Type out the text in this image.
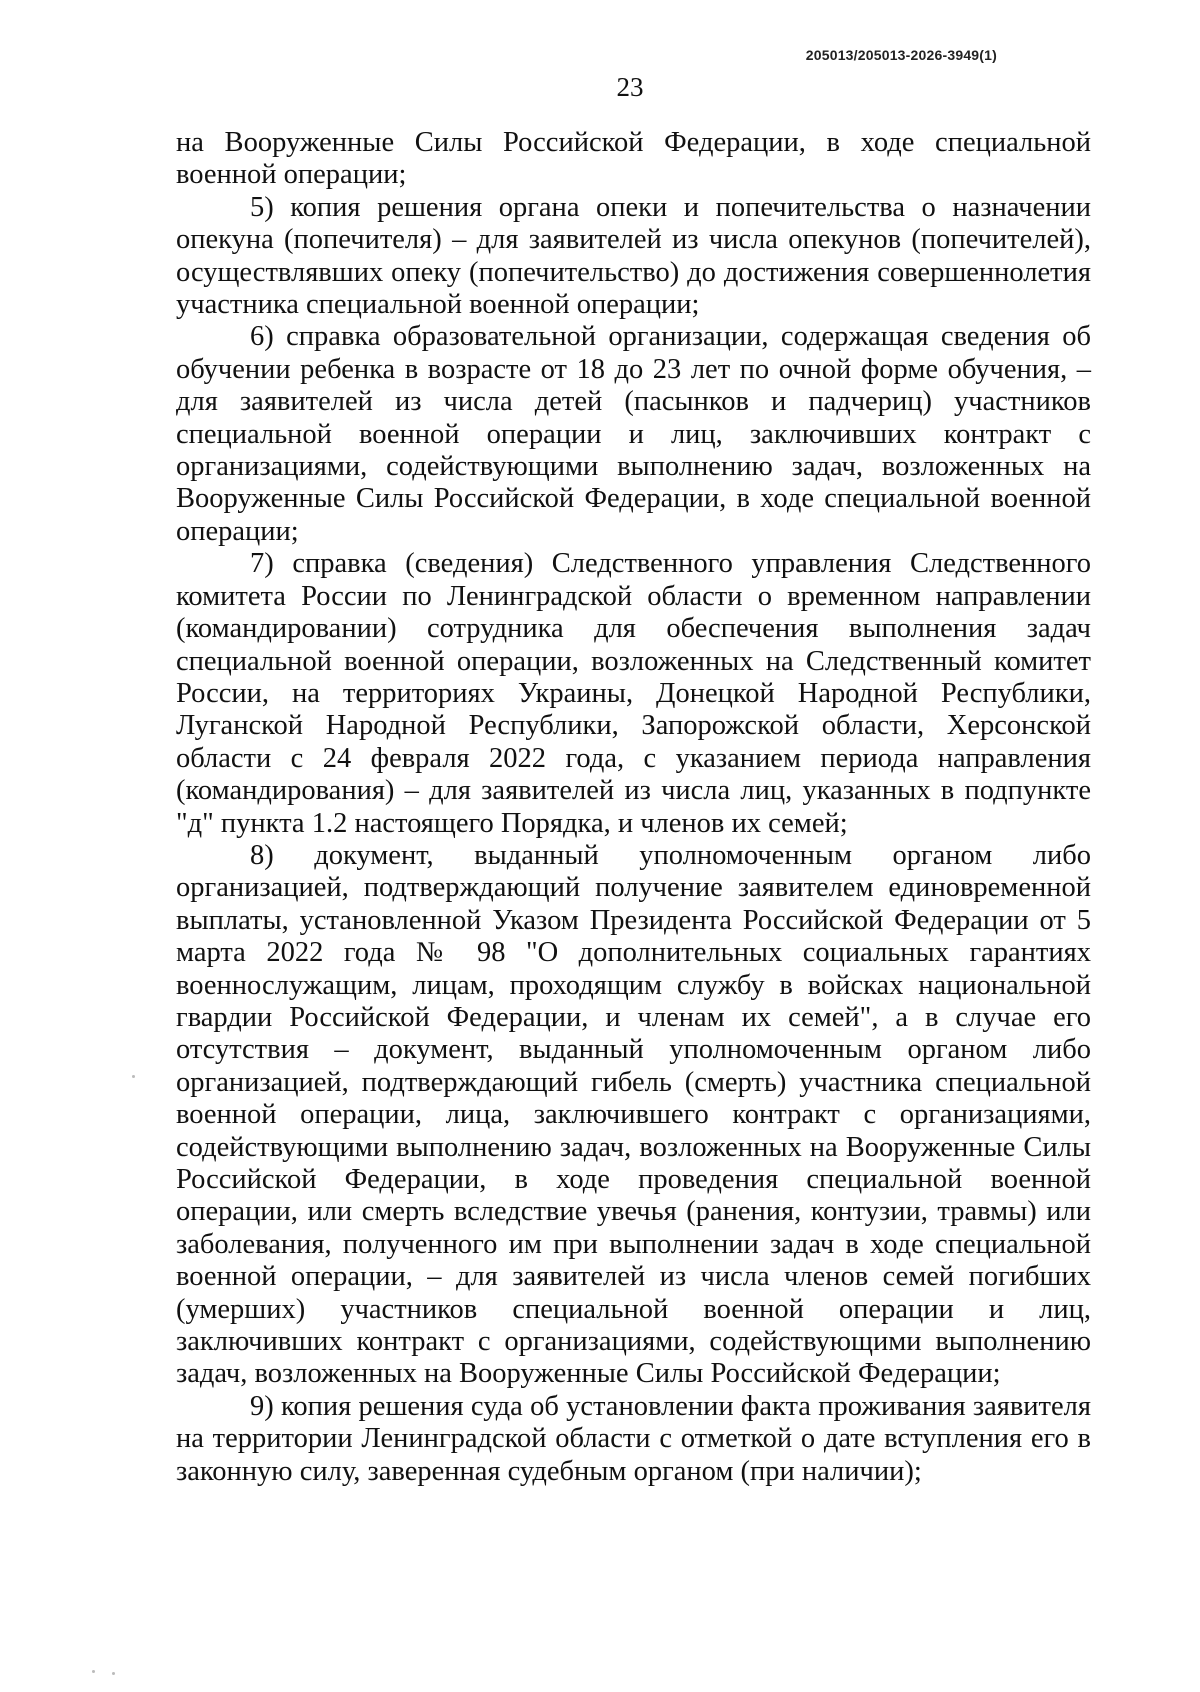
205013/205013-2026-3949(1)
23

на Вооруженные Силы Российской Федерации, в ходе специальной военной операции;

5) копия решения органа опеки и попечительства о назначении опекуна (попечителя) – для заявителей из числа опекунов (попечителей), осуществлявших опеку (попечительство) до достижения совершеннолетия участника специальной военной операции;

6) справка образовательной организации, содержащая сведения об обучении ребенка в возрасте от 18 до 23 лет по очной форме обучения, – для заявителей из числа детей (пасынков и падчериц) участников специальной военной операции и лиц, заключивших контракт с организациями, содействующими выполнению задач, возложенных на Вооруженные Силы Российской Федерации, в ходе специальной военной операции;

7) справка (сведения) Следственного управления Следственного комитета России по Ленинградской области о временном направлении (командировании) сотрудника для обеспечения выполнения задач специальной военной операции, возложенных на Следственный комитет России, на территориях Украины, Донецкой Народной Республики, Луганской Народной Республики, Запорожской области, Херсонской области с 24 февраля 2022 года, с указанием периода направления (командирования) – для заявителей из числа лиц, указанных в подпункте "д" пункта 1.2 настоящего Порядка, и членов их семей;

8) документ, выданный уполномоченным органом либо организацией, подтверждающий получение заявителем единовременной выплаты, установленной Указом Президента Российской Федерации от 5 марта 2022 года № 98 "О дополнительных социальных гарантиях военнослужащим, лицам, проходящим службу в войсках национальной гвардии Российской Федерации, и членам их семей", а в случае его отсутствия – документ, выданный уполномоченным органом либо организацией, подтверждающий гибель (смерть) участника специальной военной операции, лица, заключившего контракт с организациями, содействующими выполнению задач, возложенных на Вооруженные Силы Российской Федерации, в ходе проведения специальной военной операции, или смерть вследствие увечья (ранения, контузии, травмы) или заболевания, полученного им при выполнении задач в ходе специальной военной операции, – для заявителей из числа членов семей погибших (умерших) участников специальной военной операции и лиц, заключивших контракт с организациями, содействующими выполнению задач, возложенных на Вооруженные Силы Российской Федерации;

9) копия решения суда об установлении факта проживания заявителя на территории Ленинградской области с отметкой о дате вступления его в законную силу, заверенная судебным органом (при наличии);
